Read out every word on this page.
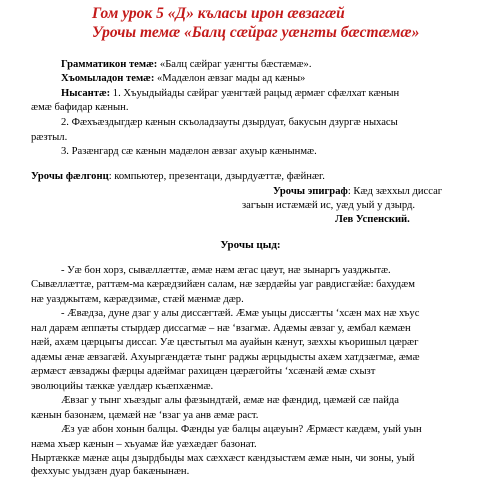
Гом урок 5 «Д» къласы ирон æвзагæй
Урочы темæ «Балц сæйраг уæнгты бæстæмæ»
Грамматикон темæ: «Балц сæйраг уæнгты бæстæмæ».
Хъомыладон темæ: «Мадæлон æвзаг мады ад кæны»
Нысантæ: 1. Хъуыдыйады сæйраг уæнгтæй рацыд æрмæг сфæлхат кæнын
æмæ бафидар кæнын.
2. Фæхъæздыгдæр кæнын скъоладзауты дзырдуат, бакусын дзургæ ныхасы
рæзтыл.
3. Разæнгард сæ кæнын мадæлон æвзаг ахуыр кæнынмæ.
Урочы фæлгонц: компьютер, презентаци, дзырдуæттæ, фæйнæг.
Урочы эпиграф: Кæд зæххыл диссаг
загъын истæмæй ис, уæд уый у дзырд.
Лев Успенский.
Урочы цыд:
- Уæ бон хорз, сывæллæттæ, æмæ нæм æгас цæут, нæ зынаргъ уазджытæ.
Сывæллæттæ, раттæм-ма кæрæдзийæн салам, нæ зæрдæйы уаг равдисгæйæ: бахудæм
нæ уазджытæм, кæрæдзимæ, стæй мæнмæ дæр.
- Æвæдза, дуне дзаг у алы диссæгтæй. Æмæ уыцы диссæгты ‘хсæн мах нæ хъус
нал дарæм æппæты стырдæр диссагмæ – нæ ‘взагмæ. Адæмы æвзаг у, æмбал кæмæн
нæй, ахæм цæрцыгы диссаг. Уæ цæстытыл ма ауайын кæнут, зæххы къоришыл цæрæг
адæмы æнæ æвзагæй. Ахуыргæндæтæ тынг раджы æрцыдысты ахæм хатдзæгмæ, æмæ
æрмæст æвзаджы фæрцы адæймаг рахицæн цæрæгойты ‘хсæнæй æмæ схызт
эволюцийы тæккæ уæлдæр къæпхæнмæ.
Æвзаг у тынг хъæздыг алы фæзындтæй, æмæ нæ фæндид, цæмæй сæ пайда
кæнын базонæм, цæмæй нæ ‘взаг уа анв æмæ раст.
Æз уæ абон хонын балцы. Фæнды уæ балцы ацæуын? Æрмæст кæдæм, уый уын
нæма хъæр кæнын – хъуамæ йæ уæхæдæг базонат.
Ныртæккæ мæнæ ацы дзырдбыды мах сæххæст кæндзыстæм æмæ нын, чи зоны, уый
феххуыс уыдзæн дуар бакæнынæн.
